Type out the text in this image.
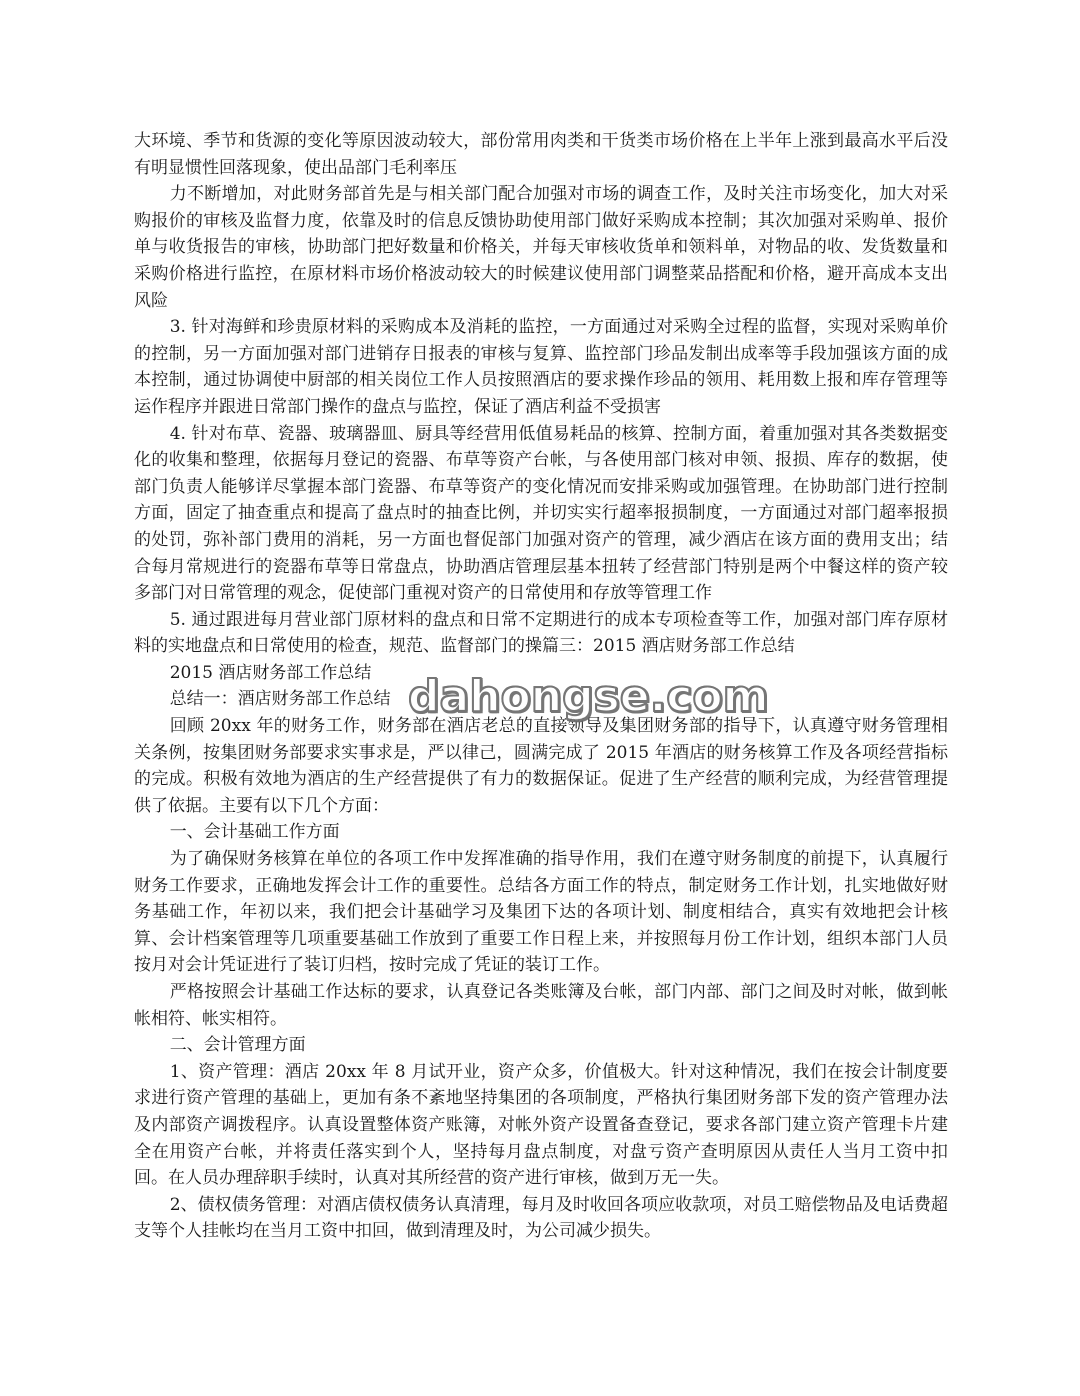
大环境、季节和货源的变化等原因波动较大，部份常用肉类和干货类市场价格在上半年上涨到最高水平后没有明显惯性回落现象，使出品部门毛利率压

力不断增加，对此财务部首先是与相关部门配合加强对市场的调查工作，及时关注市场变化，加大对采购报价的审核及监督力度，依靠及时的信息反馈协助使用部门做好采购成本控制；其次加强对采购单、报价单与收货报告的审核，协助部门把好数量和价格关，并每天审核收货单和领料单，对物品的收、发货数量和采购价格进行监控，在原材料市场价格波动较大的时候建议使用部门调整菜品搭配和价格，避开高成本支出风险

3. 针对海鲜和珍贵原材料的采购成本及消耗的监控，一方面通过对采购全过程的监督，实现对采购单价的控制，另一方面加强对部门进销存日报表的审核与复算、监控部门珍品发制出成率等手段加强该方面的成本控制，通过协调使中厨部的相关岗位工作人员按照酒店的要求操作珍品的领用、耗用数上报和库存管理等运作程序并跟进日常部门操作的盘点与监控，保证了酒店利益不受损害

4. 针对布草、瓷器、玻璃器皿、厨具等经营用低值易耗品的核算、控制方面，着重加强对其各类数据变化的收集和整理，依据每月登记的瓷器、布草等资产台帐，与各使用部门核对申领、报损、库存的数据，使部门负责人能够详尽掌握本部门瓷器、布草等资产的变化情况而安排采购或加强管理。在协助部门进行控制方面，固定了抽查重点和提高了盘点时的抽查比例，并切实实行超率报损制度，一方面通过对部门超率报损的处罚，弥补部门费用的消耗，另一方面也督促部门加强对资产的管理，减少酒店在该方面的费用支出；结合每月常规进行的瓷器布草等日常盘点，协助酒店管理层基本扭转了经营部门特别是两个中餐这样的资产较多部门对日常管理的观念，促使部门重视对资产的日常使用和存放等管理工作

5. 通过跟进每月营业部门原材料的盘点和日常不定期进行的成本专项检查等工作，加强对部门库存原材料的实地盘点和日常使用的检查，规范、监督部门的操篇三：2015 酒店财务部工作总结

2015 酒店财务部工作总结

总结一：酒店财务部工作总结

回顾 20xx 年的财务工作，财务部在酒店老总的直接领导及集团财务部的指导下，认真遵守财务管理相关条例，按集团财务部要求实事求是，严以律己，圆满完成了 2015 年酒店的财务核算工作及各项经营指标的完成。积极有效地为酒店的生产经营提供了有力的数据保证。促进了生产经营的顺利完成，为经营管理提供了依据。主要有以下几个方面：

一、会计基础工作方面

为了确保财务核算在单位的各项工作中发挥准确的指导作用，我们在遵守财务制度的前提下，认真履行财务工作要求，正确地发挥会计工作的重要性。总结各方面工作的特点，制定财务工作计划，扎实地做好财务基础工作，年初以来，我们把会计基础学习及集团下达的各项计划、制度相结合，真实有效地把会计核算、会计档案管理等几项重要基础工作放到了重要工作日程上来，并按照每月份工作计划，组织本部门人员按月对会计凭证进行了装订归档，按时完成了凭证的装订工作。

严格按照会计基础工作达标的要求，认真登记各类账簿及台帐，部门内部、部门之间及时对帐，做到帐帐相符、帐实相符。

二、会计管理方面

1、资产管理：酒店 20xx 年 8 月试开业，资产众多，价值极大。针对这种情况，我们在按会计制度要求进行资产管理的基础上，更加有条不紊地坚持集团的各项制度，严格执行集团财务部下发的资产管理办法及内部资产调拨程序。认真设置整体资产账簿，对帐外资产设置备查登记，要求各部门建立资产管理卡片建全在用资产台帐，并将责任落实到个人，坚持每月盘点制度，对盘亏资产查明原因从责任人当月工资中扣回。在人员办理辞职手续时，认真对其所经营的资产进行审核，做到万无一失。

2、债权债务管理：对酒店债权债务认真清理，每月及时收回各项应收款项，对员工赔偿物品及电话费超支等个人挂帐均在当月工资中扣回，做到清理及时，为公司减少损失。

dahongse.com
